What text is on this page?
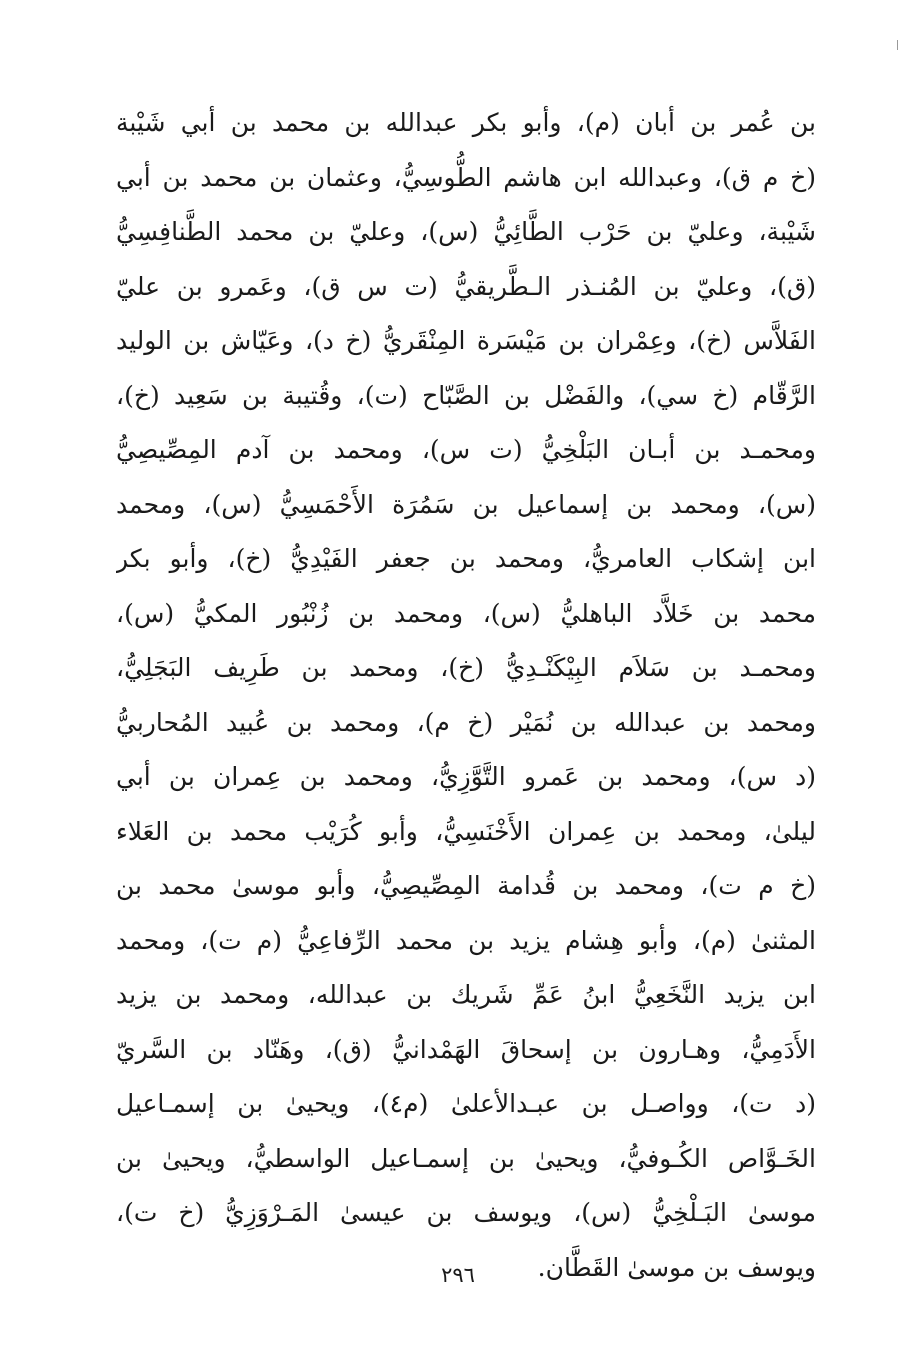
بن عُمر بن أبان (م)، وأبو بكر عبدالله بن محمد بن أبي شَيْبة
(خ م ق)، وعبدالله ابن هاشم الطُّوسِيُّ، وعثمان بن محمد بن أبي
شَيْبة، وعليّ بن حَرْب الطَّائِيُّ (س)، وعليّ بن محمد الطَّنافِسِيُّ
(ق)، وعليّ بن المُنـذر الـطَّريقيُّ (ت س ق)، وعَمرو بن عليّ
الفَلاَّس (خ)، وعِمْران بن مَيْسَرة المِنْقَريُّ (خ د)، وعَيّاش بن الوليد
الرَّقّام (خ سي)، والفَضْل بن الصَّبّاح (ت)، وقُتيبة بن سَعِيد (خ)،
ومحمـد بن أبـان البَلْخِيُّ (ت س)، ومحمد بن آدم المِصِّيصِيُّ
(س)، ومحمد بن إسماعيل بن سَمُرَة الأَحْمَسِيُّ (س)، ومحمد
ابن إشكاب العامريُّ، ومحمد بن جعفر الفَيْدِيُّ (خ)، وأبو بكر
محمد بن خَلاَّد الباهليُّ (س)، ومحمد بن زُنْبُور المكيُّ (س)،
ومحمـد بن سَلاَم البِيْكَنْـدِيُّ (خ)، ومحمد بن طَرِيف البَجَلِيُّ،
ومحمد بن عبدالله بن نُمَيْر (خ م)، ومحمد بن عُبيد المُحاربيُّ
(د س)، ومحمد بن عَمرو التَّوَّزِيُّ، ومحمد بن عِمران بن أبي
ليلىٰ، ومحمد بن عِمران الأَخْنَسِيُّ، وأبو كُرَيْب محمد بن العَلاء
(خ م ت)، ومحمد بن قُدامة المِصِّيصِيُّ، وأبو موسىٰ محمد بن
المثنىٰ (م)، وأبو هِشام يزيد بن محمد الرِّفاعِيُّ (م ت)، ومحمد
ابن يزيد النَّخَعِيُّ ابنُ عَمِّ شَريك بن عبدالله، ومحمد بن يزيد
الأَدَمِيُّ، وهـارون بن إسحاقَ الهَمْدانيُّ (ق)، وهَنّاد بن السَّريّ
(د ت)، وواصـل بن عبـدالأعلىٰ (م٤)، ويحيىٰ بن إسمـاعيل
الخَـوَّاص الكُـوفيُّ، ويحيىٰ بن إسمـاعيل الواسطيُّ، ويحيىٰ بن
موسىٰ البَـلْخِيُّ (س)، ويوسف بن عيسىٰ المَـرْوَزِيُّ (خ ت)،
ويوسف بن موسىٰ القَطَّان.
٢٩٦
